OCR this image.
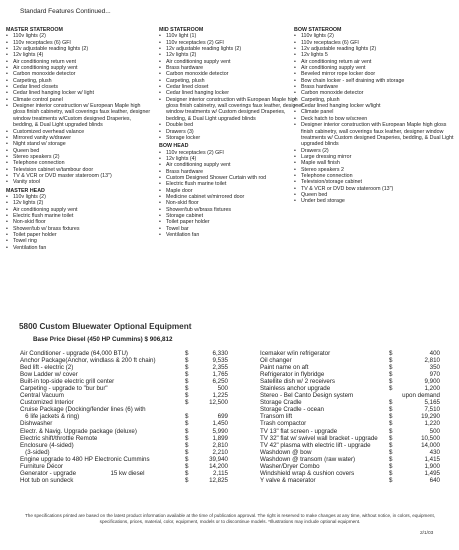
Standard Features Continued...
MASTER STATEROOM
• 110v lights (2)
• 110v receptacles (6) GFI
• 12v adjustable reading lights (2)
• 12v lights (4)
• Air conditioning return vent
• Air conditioning supply vent
• Carbon monoxide detector
• Carpeting, plush
• Cedar lined closets
• Cedar lined hanging locker w/ light
• Climate control panel
• Designer interior construction w/ European Maple high gloss finish cabinetry, wall coverings faux leather, designer window treatments w/Custom designed Draperies, bedding, & Dual Light upgraded blinds
• Customized overhead valance
• Mirrored vanity w/drawer
• Night stand w/ storage
• Queen bed
• Stereo speakers (2)
• Telephone connection
• Television cabinet w/tambour door
• TV & VCR or DVD master stateroom (13")
• Vanity stool
MASTER HEAD
• 110v lights (2)
• 12v lights (2)
• Air conditioning supply vent
• Electric flush marine toilet
• Non-skid floor
• Shower/tub w/ brass fixtures
• Toilet paper holder
• Towel ring
• Ventilation fan
MID STATEROOM
• 110v light (1)
• 110v receptacles (2) GFI
• 12v adjustable reading lights (2)
• 12v lights (2)
• Air conditioning supply vent
• Brass hardware
• Carbon monoxide detector
• Carpeting, plush
• Cedar lined closet
• Cedar lined hanging locker
• Designer interior construction with European Maple high gloss finish cabinetry, wall coverings faux leather, designer window treatments w/ Custom designed Draperies, bedding, & Dual Light upgraded blinds
• Double bed
• Drawers (3)
• Storage locker
BOW HEAD
• 110v receptacles (2) GFI
• 12v lights (4)
• Air conditioning supply vent
• Brass hardware
• Custom Designed Shower Curtain with rod
• Electric flush marine toilet
• Maple door
• Medicine cabinet w/mirrored door
• Non-skid floor
• Shower/tub w/brass fixtures
• Storage cabinet
• Toilet paper holder
• Towel bar
• Ventilation fan
BOW STATEROOM
• 110v lights (2)
• 110v receptacles (6) GFI
• 12v adjustable reading lights (2)
• 12v lights 5
• Air conditioning return air vent
• Air conditioning supply vent
• Beveled mirror rope locker door
• Bow chain locker - self draining with storage
• Brass hardware
• Carbon monoxide detector
• Carpeting, plush
• Cedar lined hanging locker w/light
• Climate panel
• Deck hatch to bow w/screen
• Designer interior construction with European Maple high gloss finish cabinetry, wall coverings faux leather, designer window treatments w/ Custom designed Draperies, bedding, & Dual Light upgraded blinds
• Drawers (2)
• Large dressing mirror
• Maple wall finish
• Stereo speakers 2
• Telephone connection
• Television/storage cabinet
• TV & VCR or DVD bow stateroom (13")
• Queen bed
• Under bed storage
5800 Custom Bluewater Optional Equipment
Base Price Diesel (450 HP Cummins) $ 906,812
Air Conditioner - upgrade (64,000 BTU)	$	6,330
Anchor Package(Anchor, windlass & 200 ft chain)	$	9,535
Bed lift - electric (2)	$	2,355
Bow Ladder w/ cover	$	1,765
Built-in top-side electric grill center	$	6,250
Carpeting - upgrade to "bur bur"	$	500
Central Vacuum	$	1,225
Customized Interior	$	12,500
Cruise Package (Docking/fender lines (6) with
6 life jackets & ring)	$	699
Dishwasher	$	1,450
Electr. & Navig. Upgrade package (deluxe)	$	5,990
Electric shift/throttle Remote	$	1,899
Enclosure (4-sided)	$	2,810
(3-sided)	$	2,210
Engine upgrade to 480 HP Electronic Cummins	$	39,940
Furniture Décor	$	14,200
Generator - upgrade                    15 kw diesel	$	2,115
Hot tub on sundeck	$	12,825
Icemaker w/in refrigerator	$	400
Oil changer	$	2,810
Paint name on aft	$	350
Refrigerator in flybridge	$	970
Satellite dish w/ 2 receivers	$	9,900
Stainless anchor upgrade	$	1,200
Stereo - Bel Canto Design system	upon demand
Storage Cradle	$	5,165
Storage Cradle - ocean	$	7,510
Transom lift	$	19,290
Trash compactor	$	1,220
TV 13" flat screen - upgrade	$	500
TV 32" flat w/ swivel wall bracket - upgrade $	10,500
TV 42" plasma with electric lift - upgrade	$	14,000
Washdown @ bow	$	430
Washdown @ transom (raw water)	$	1,415
Washer/Dryer Combo	$	1,900
Windshield wrap & cushion covers	$	1,495
Y valve & macerator	$	640
The specifications printed are based on the latest product information available at the time of publication approval. The right is reserved to make changes at any time, without notice, in colors, equipment, specifications, prices, material, color, equipment, models or to discontinue models. *Illustrations may include optional equipment.
2/1/03
